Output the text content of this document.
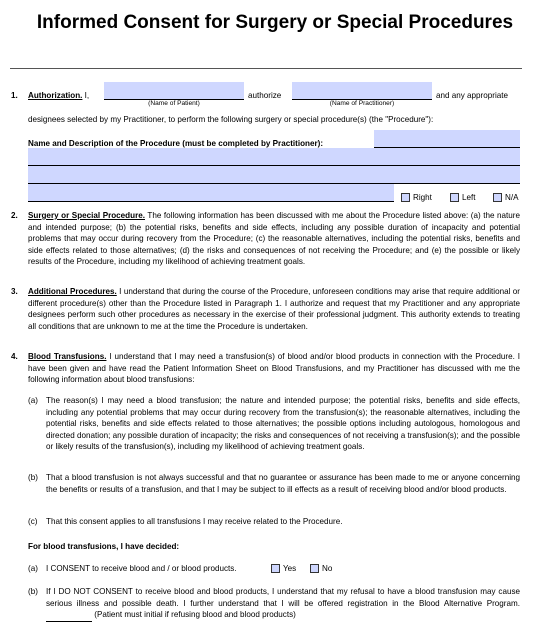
Informed Consent for Surgery or Special Procedures
1. Authorization. I,
(Name of Patient)
authorize
(Name of Practitioner)
and any appropriate
designees selected by my Practitioner, to perform the following surgery or special procedure(s) (the "Procedure"):
Name and Description of the Procedure (must be completed by Practitioner):
Right	Left	N/A
2. Surgery or Special Procedure. The following information has been discussed with me about the Procedure listed above: (a) the nature and intended purpose; (b) the potential risks, benefits and side effects, including any possible duration of incapacity and potential problems that may occur during recovery from the Procedure; (c) the reasonable alternatives, including the potential risks, benefits and side effects related to those alternatives; (d) the risks and consequences of not receiving the Procedure; and (e) the possible or likely results of the Procedure, including my likelihood of achieving treatment goals.
3. Additional Procedures. I understand that during the course of the Procedure, unforeseen conditions may arise that require additional or different procedure(s) other than the Procedure listed in Paragraph 1. I authorize and request that my Practitioner and any appropriate designees perform such other procedures as necessary in the exercise of their professional judgment. This authority extends to treating all conditions that are unknown to me at the time the Procedure is undertaken.
4. Blood Transfusions. I understand that I may need a transfusion(s) of blood and/or blood products in connection with the Procedure. I have been given and have read the Patient Information Sheet on Blood Transfusions, and my Practitioner has discussed with me the following information about blood transfusions:
(a) The reason(s) I may need a blood transfusion; the nature and intended purpose; the potential risks, benefits and side effects, including any potential problems that may occur during recovery from the transfusion(s); the reasonable alternatives, including the potential risks, benefits and side effects related to those alternatives; the possible options including autologous, homologous and directed donation; any possible duration of incapacity; the risks and consequences of not receiving a transfusion(s); and the possible or likely results of the transfusion(s), including my likelihood of achieving treatment goals.
(b) That a blood transfusion is not always successful and that no guarantee or assurance has been made to me or anyone concerning the benefits or results of a transfusion, and that I may be subject to ill effects as a result of receiving blood and/or blood products.
(c) That this consent applies to all transfusions I may receive related to the Procedure.
For blood transfusions, I have decided:
(a) I CONSENT to receive blood and / or blood products.	Yes	No
(b) If I DO NOT CONSENT to receive blood and blood products, I understand that my refusal to have a blood transfusion may cause serious illness and possible death. I further understand that I will be offered registration in the Blood Alternative Program.   (Patient must initial if refusing blood and blood products)
